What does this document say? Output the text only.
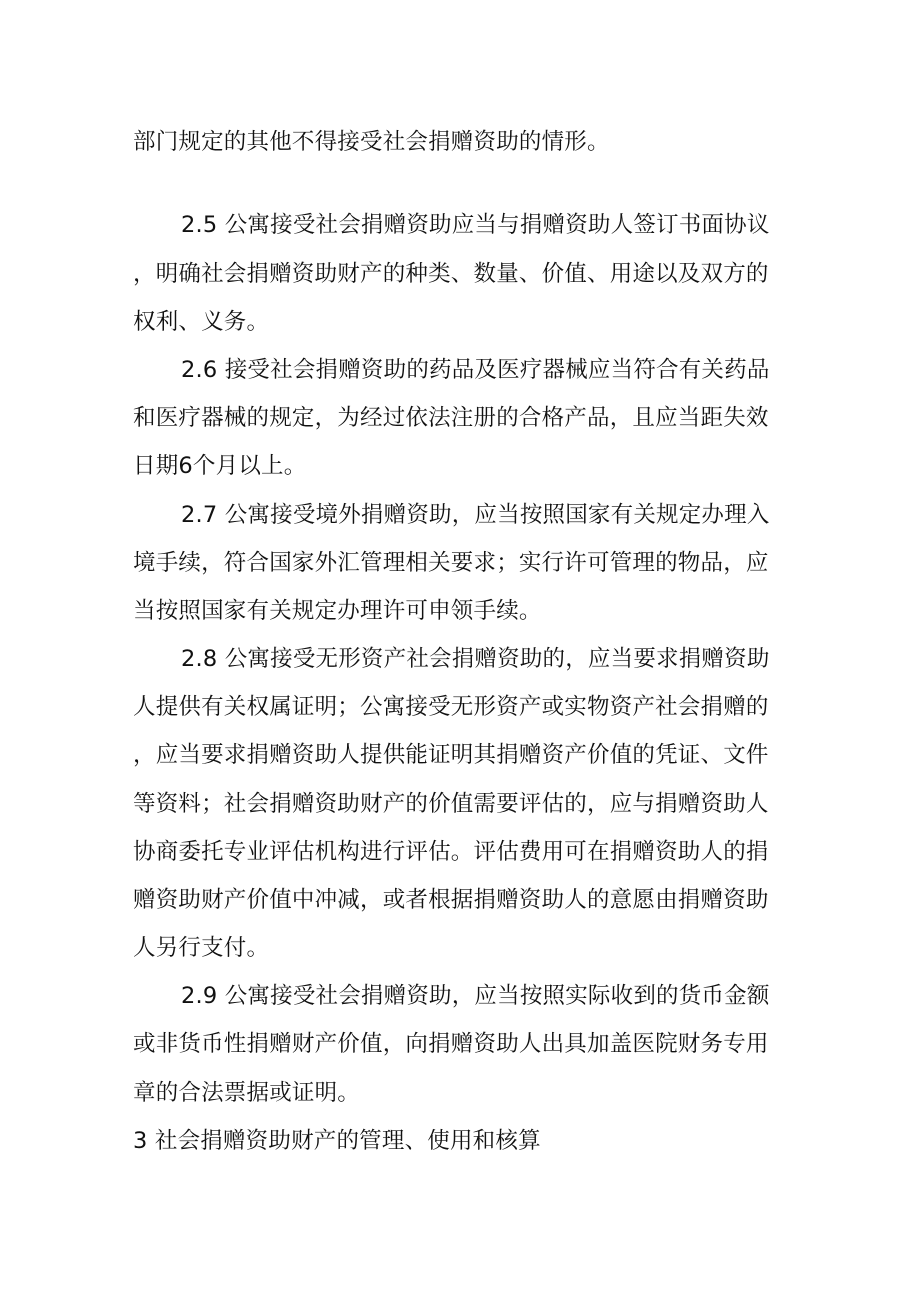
部门规定的其他不得接受社会捐赠资助的情形。
2.5 公寓接受社会捐赠资助应当与捐赠资助人签订书面协议
，明确社会捐赠资助财产的种类、数量、价值、用途以及双方的
权利、义务。
2.6 接受社会捐赠资助的药品及医疗器械应当符合有关药品
和医疗器械的规定，为经过依法注册的合格产品，且应当距失效
日期6个月以上。
2.7 公寓接受境外捐赠资助，应当按照国家有关规定办理入
境手续，符合国家外汇管理相关要求；实行许可管理的物品，应
当按照国家有关规定办理许可申领手续。
2.8 公寓接受无形资产社会捐赠资助的，应当要求捐赠资助
人提供有关权属证明；公寓接受无形资产或实物资产社会捐赠的
，应当要求捐赠资助人提供能证明其捐赠资产价值的凭证、文件
等资料；社会捐赠资助财产的价值需要评估的，应与捐赠资助人
协商委托专业评估机构进行评估。评估费用可在捐赠资助人的捐
赠资助财产价值中冲减，或者根据捐赠资助人的意愿由捐赠资助
人另行支付。
2.9 公寓接受社会捐赠资助，应当按照实际收到的货币金额
或非货币性捐赠财产价值，向捐赠资助人出具加盖医院财务专用
章的合法票据或证明。
3 社会捐赠资助财产的管理、使用和核算
